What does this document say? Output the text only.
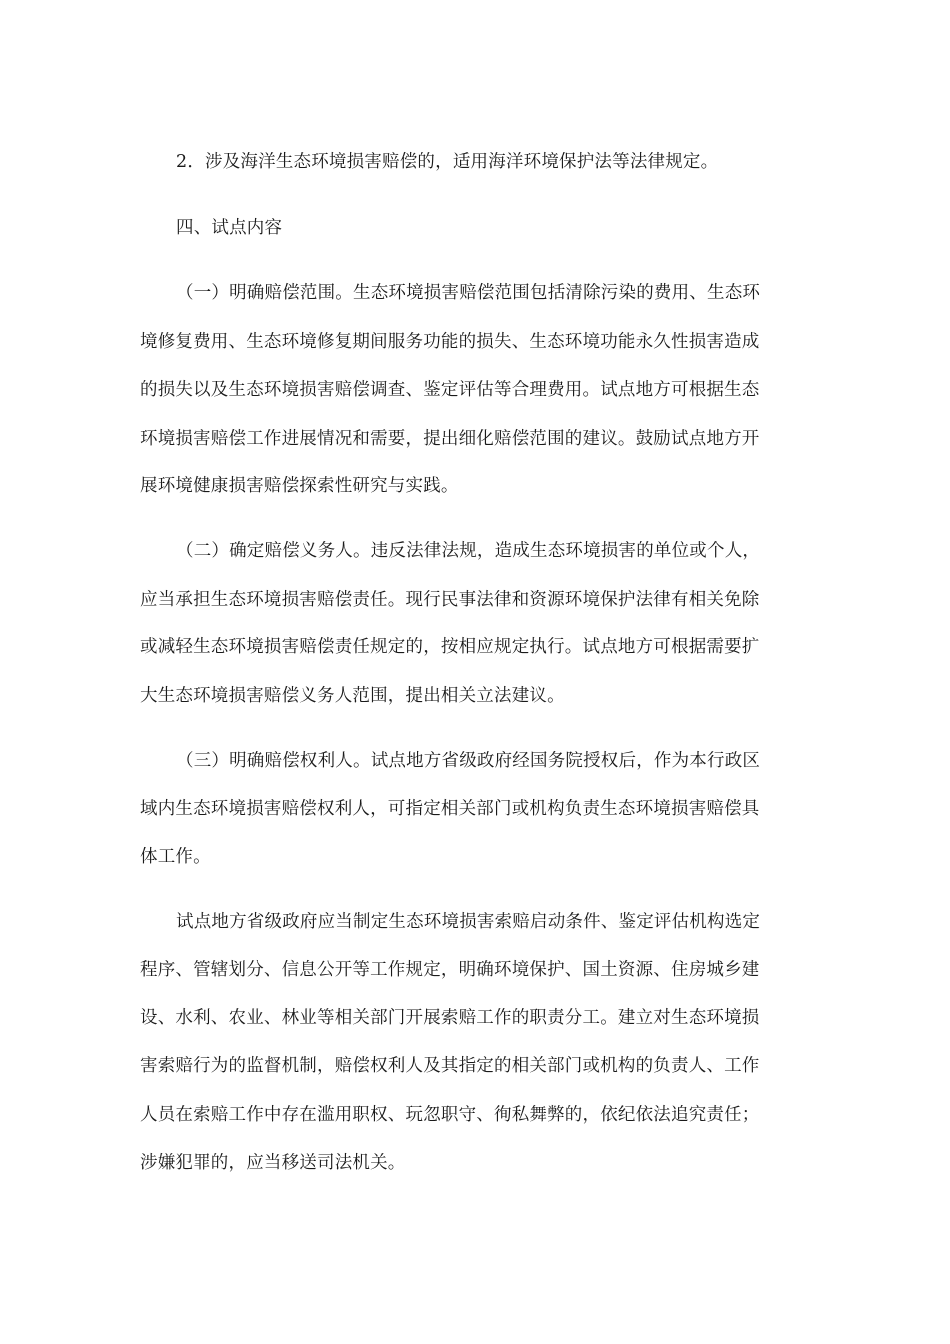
2．涉及海洋生态环境损害赔偿的，适用海洋环境保护法等法律规定。
四、试点内容
（一）明确赔偿范围。生态环境损害赔偿范围包括清除污染的费用、生态环
境修复费用、生态环境修复期间服务功能的损失、生态环境功能永久性损害造成
的损失以及生态环境损害赔偿调查、鉴定评估等合理费用。试点地方可根据生态
环境损害赔偿工作进展情况和需要，提出细化赔偿范围的建议。鼓励试点地方开
展环境健康损害赔偿探索性研究与实践。
（二）确定赔偿义务人。违反法律法规，造成生态环境损害的单位或个人，
应当承担生态环境损害赔偿责任。现行民事法律和资源环境保护法律有相关免除
或减轻生态环境损害赔偿责任规定的，按相应规定执行。试点地方可根据需要扩
大生态环境损害赔偿义务人范围，提出相关立法建议。
（三）明确赔偿权利人。试点地方省级政府经国务院授权后，作为本行政区
域内生态环境损害赔偿权利人，可指定相关部门或机构负责生态环境损害赔偿具
体工作。
试点地方省级政府应当制定生态环境损害索赔启动条件、鉴定评估机构选定
程序、管辖划分、信息公开等工作规定，明确环境保护、国土资源、住房城乡建
设、水利、农业、林业等相关部门开展索赔工作的职责分工。建立对生态环境损
害索赔行为的监督机制，赔偿权利人及其指定的相关部门或机构的负责人、工作
人员在索赔工作中存在滥用职权、玩忽职守、徇私舞弊的，依纪依法追究责任；
涉嫌犯罪的，应当移送司法机关。
